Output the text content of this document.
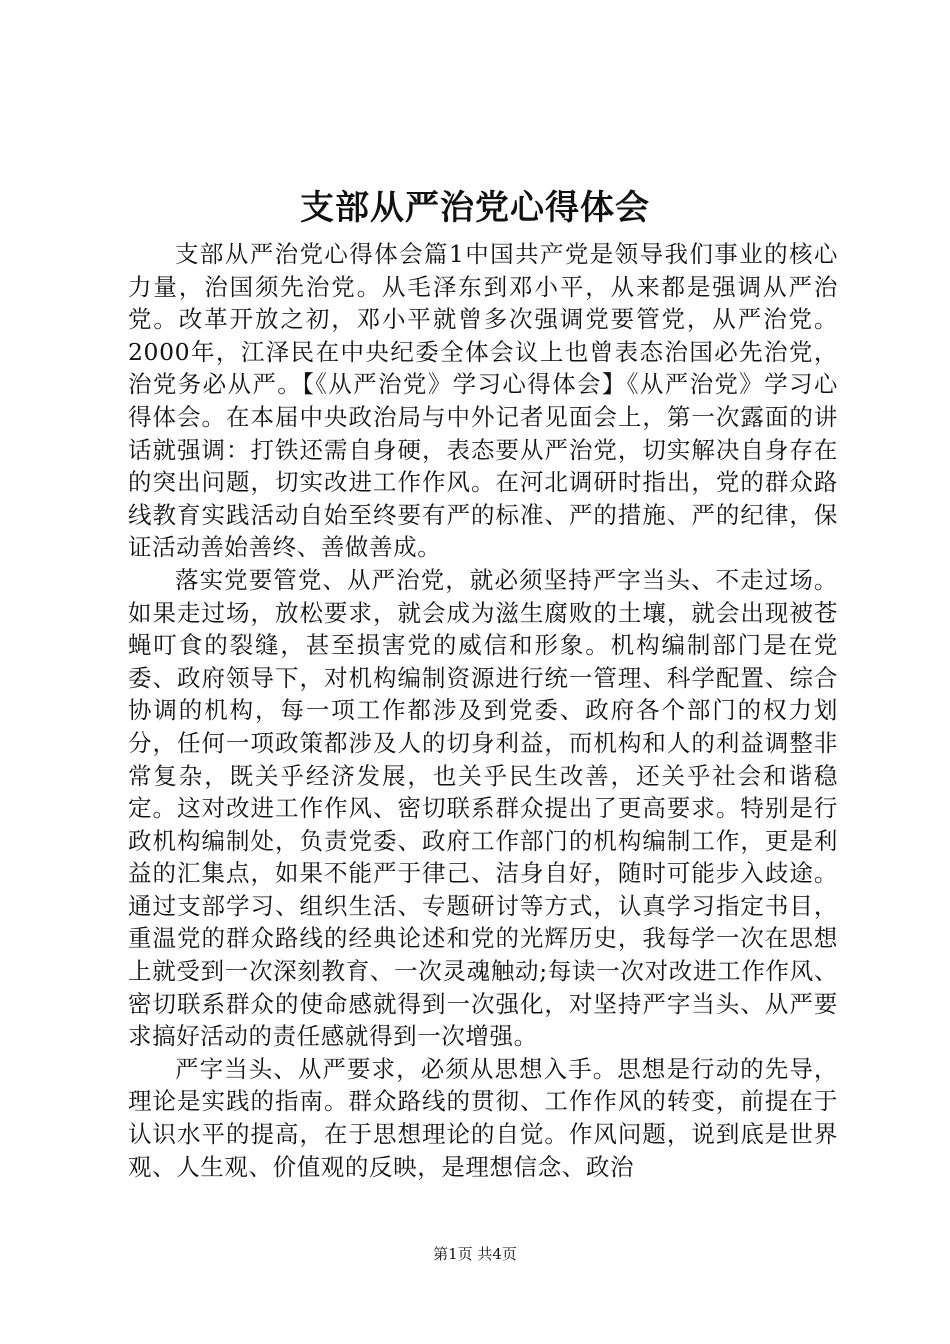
支部从严治党心得体会

支部从严治党心得体会篇1中国共产党是领导我们事业的核心力量，治国须先治党。从毛泽东到邓小平，从来都是强调从严治党。改革开放之初，邓小平就曾多次强调党要管党，从严治党。2000年，江泽民在中央纪委全体会议上也曾表态治国必先治党，治党务必从严。【《从严治党》学习心得体会】《从严治党》学习心得体会。在本届中央政治局与中外记者见面会上，第一次露面的讲话就强调：打铁还需自身硬，表态要从严治党，切实解决自身存在的突出问题，切实改进工作作风。在河北调研时指出，党的群众路线教育实践活动自始至终要有严的标准、严的措施、严的纪律，保证活动善始善终、善做善成。

落实党要管党、从严治党，就必须坚持严字当头、不走过场。如果走过场，放松要求，就会成为滋生腐败的土壤，就会出现被苍蝇叮食的裂缝，甚至损害党的威信和形象。机构编制部门是在党委、政府领导下，对机构编制资源进行统一管理、科学配置、综合协调的机构，每一项工作都涉及到党委、政府各个部门的权力划分，任何一项政策都涉及人的切身利益，而机构和人的利益调整非常复杂，既关乎经济发展，也关乎民生改善，还关乎社会和谐稳定。这对改进工作作风、密切联系群众提出了更高要求。特别是行政机构编制处，负责党委、政府工作部门的机构编制工作，更是利益的汇集点，如果不能严于律己、洁身自好，随时可能步入歧途。通过支部学习、组织生活、专题研讨等方式，认真学习指定书目，重温党的群众路线的经典论述和党的光辉历史，我每学一次在思想上就受到一次深刻教育、一次灵魂触动;每读一次对改进工作作风、密切联系群众的使命感就得到一次强化，对坚持严字当头、从严要求搞好活动的责任感就得到一次增强。

严字当头、从严要求，必须从思想入手。思想是行动的先导，理论是实践的指南。群众路线的贯彻、工作作风的转变，前提在于认识水平的提高，在于思想理论的自觉。作风问题，说到底是世界观、人生观、价值观的反映，是理想信念、政治

第1页 共4页
